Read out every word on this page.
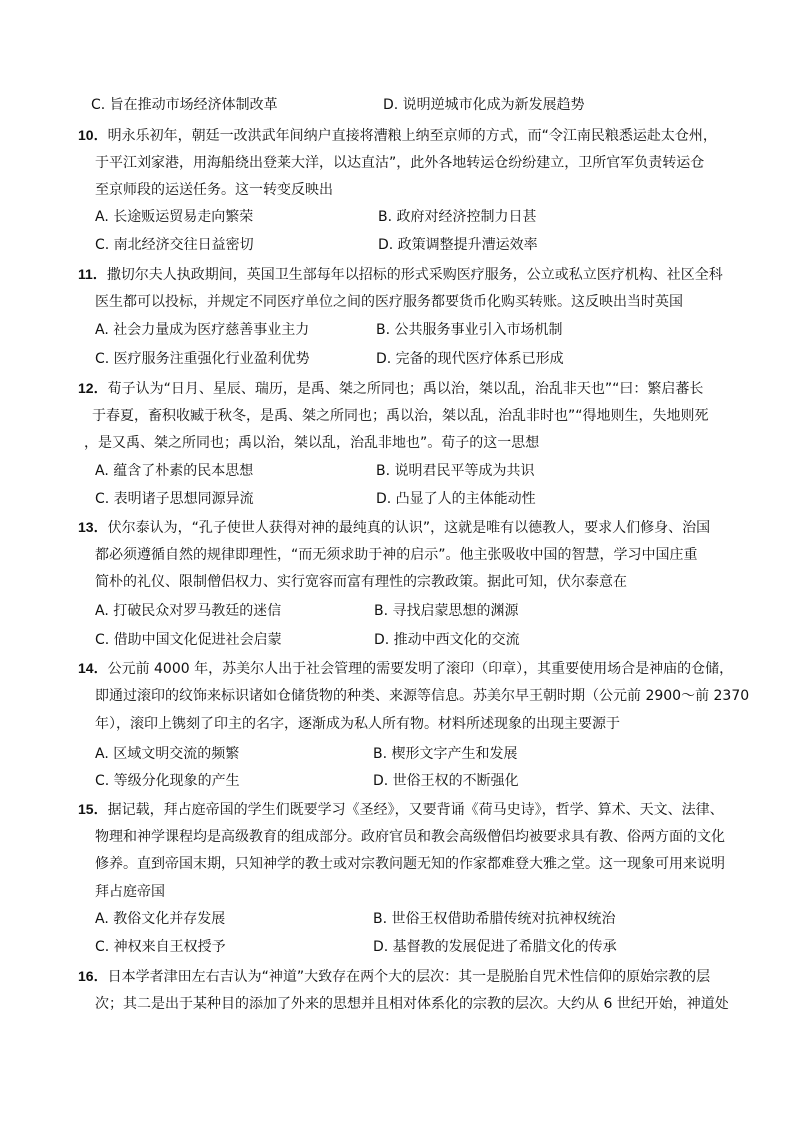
C. 旨在推动市场经济体制改革	D. 说明逆城市化成为新发展趋势
10．明永乐初年，朝廷一改洪武年间纳户直接将漕粮上纳至京师的方式，而“令江南民粮悉运赴太仓州，
于平江刘家港，用海船绕出登莱大洋，以达直沽”，此外各地转运仓纷纷建立，卫所官军负责转运仓
至京师段的运送任务。这一转变反映出
A. 长途贩运贸易走向繁荣	B. 政府对经济控制力日甚
C. 南北经济交往日益密切	D. 政策调整提升漕运效率
11．撒切尔夫人执政期间，英国卫生部每年以招标的形式采购医疗服务，公立或私立医疗机构、社区全科
医生都可以投标，并规定不同医疗单位之间的医疗服务都要货币化购买转账。这反映出当时英国
A. 社会力量成为医疗慈善事业主力	B. 公共服务事业引入市场机制
C. 医疗服务注重强化行业盈利优势	D. 完备的现代医疗体系已形成
12．荀子认为“日月、星辰、瑞历，是禹、桀之所同也；禹以治，桀以乱，治乱非天也”“曰：繁启蕃长
于春夏，畜积收臧于秋冬，是禹、桀之所同也；禹以治，桀以乱，治乱非时也”“得地则生，失地则死
，是又禹、桀之所同也；禹以治，桀以乱，治乱非地也”。荀子的这一思想
A. 蕴含了朴素的民本思想	B. 说明君民平等成为共识
C. 表明诸子思想同源异流	D. 凸显了人的主体能动性
13．伏尔泰认为，“孔子使世人获得对神的最纯真的认识”，这就是唯有以德教人，要求人们修身、治国
都必须遵循自然的规律即理性，“而无须求助于神的启示”。他主张吸收中国的智慧，学习中国庄重
简朴的礼仪、限制僧侣权力、实行宽容而富有理性的宗教政策。据此可知，伏尔泰意在
A. 打破民众对罗马教廷的迷信	B. 寻找启蒙思想的渊源
C. 借助中国文化促进社会启蒙	D. 推动中西文化的交流
14．公元前 4000 年，苏美尔人出于社会管理的需要发明了滚印（印章），其重要使用场合是神庙的仓储，
即通过滚印的纹饰来标识诸如仓储货物的种类、来源等信息。苏美尔早王朝时期（公元前 2900～前 2370
年），滚印上镌刻了印主的名字，逐渐成为私人所有物。材料所述现象的出现主要源于
A. 区域文明交流的频繁	B. 楔形文字产生和发展
C. 等级分化现象的产生	D. 世俗王权的不断强化
15．据记载，拜占庭帝国的学生们既要学习《圣经》，又要背诵《荷马史诗》，哲学、算术、天文、法律、
物理和神学课程均是高级教育的组成部分。政府官员和教会高级僧侣均被要求具有教、俗两方面的文化
修养。直到帝国末期，只知神学的教士或对宗教问题无知的作家都难登大雅之堂。这一现象可用来说明
拜占庭帝国
A. 教俗文化并存发展	B. 世俗王权借助希腊传统对抗神权统治
C. 神权来自王权授予	D. 基督教的发展促进了希腊文化的传承
16．日本学者津田左右吉认为“神道”大致存在两个大的层次：其一是脱胎自咒术性信仰的原始宗教的层
次；其二是出于某种目的添加了外来的思想并且相对体系化的宗教的层次。大约从 6 世纪开始，神道处
